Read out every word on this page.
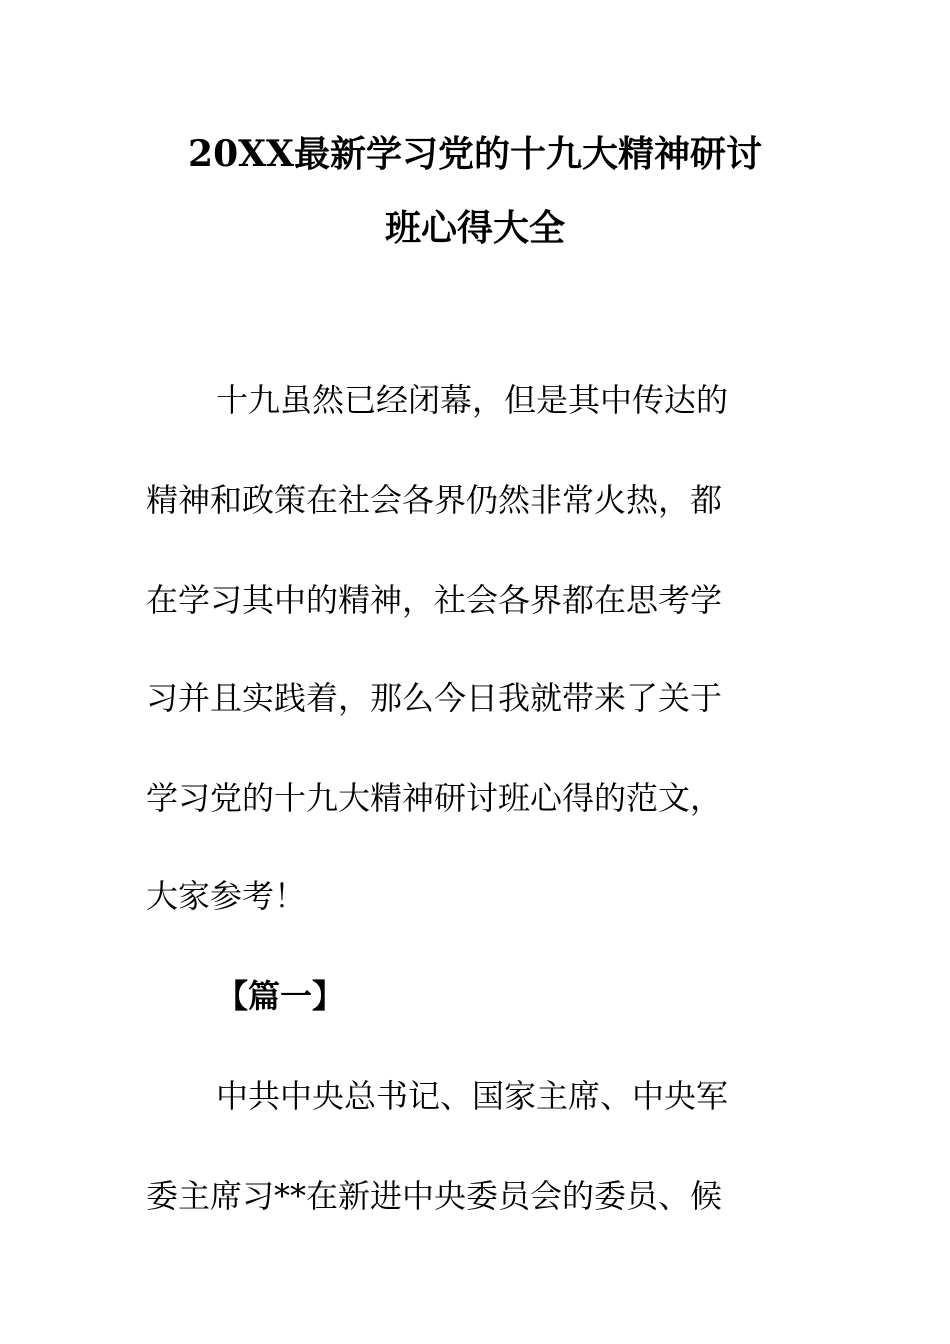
20XX最新学习党的十九大精神研讨
班心得大全
十九虽然已经闭幕，但是其中传达的
精神和政策在社会各界仍然非常火热，都
在学习其中的精神，社会各界都在思考学
习并且实践着，那么今日我就带来了关于
学习党的十九大精神研讨班心得的范文，
大家参考！
【篇一】
中共中央总书记、国家主席、中央军
委主席习**在新进中央委员会的委员、候
